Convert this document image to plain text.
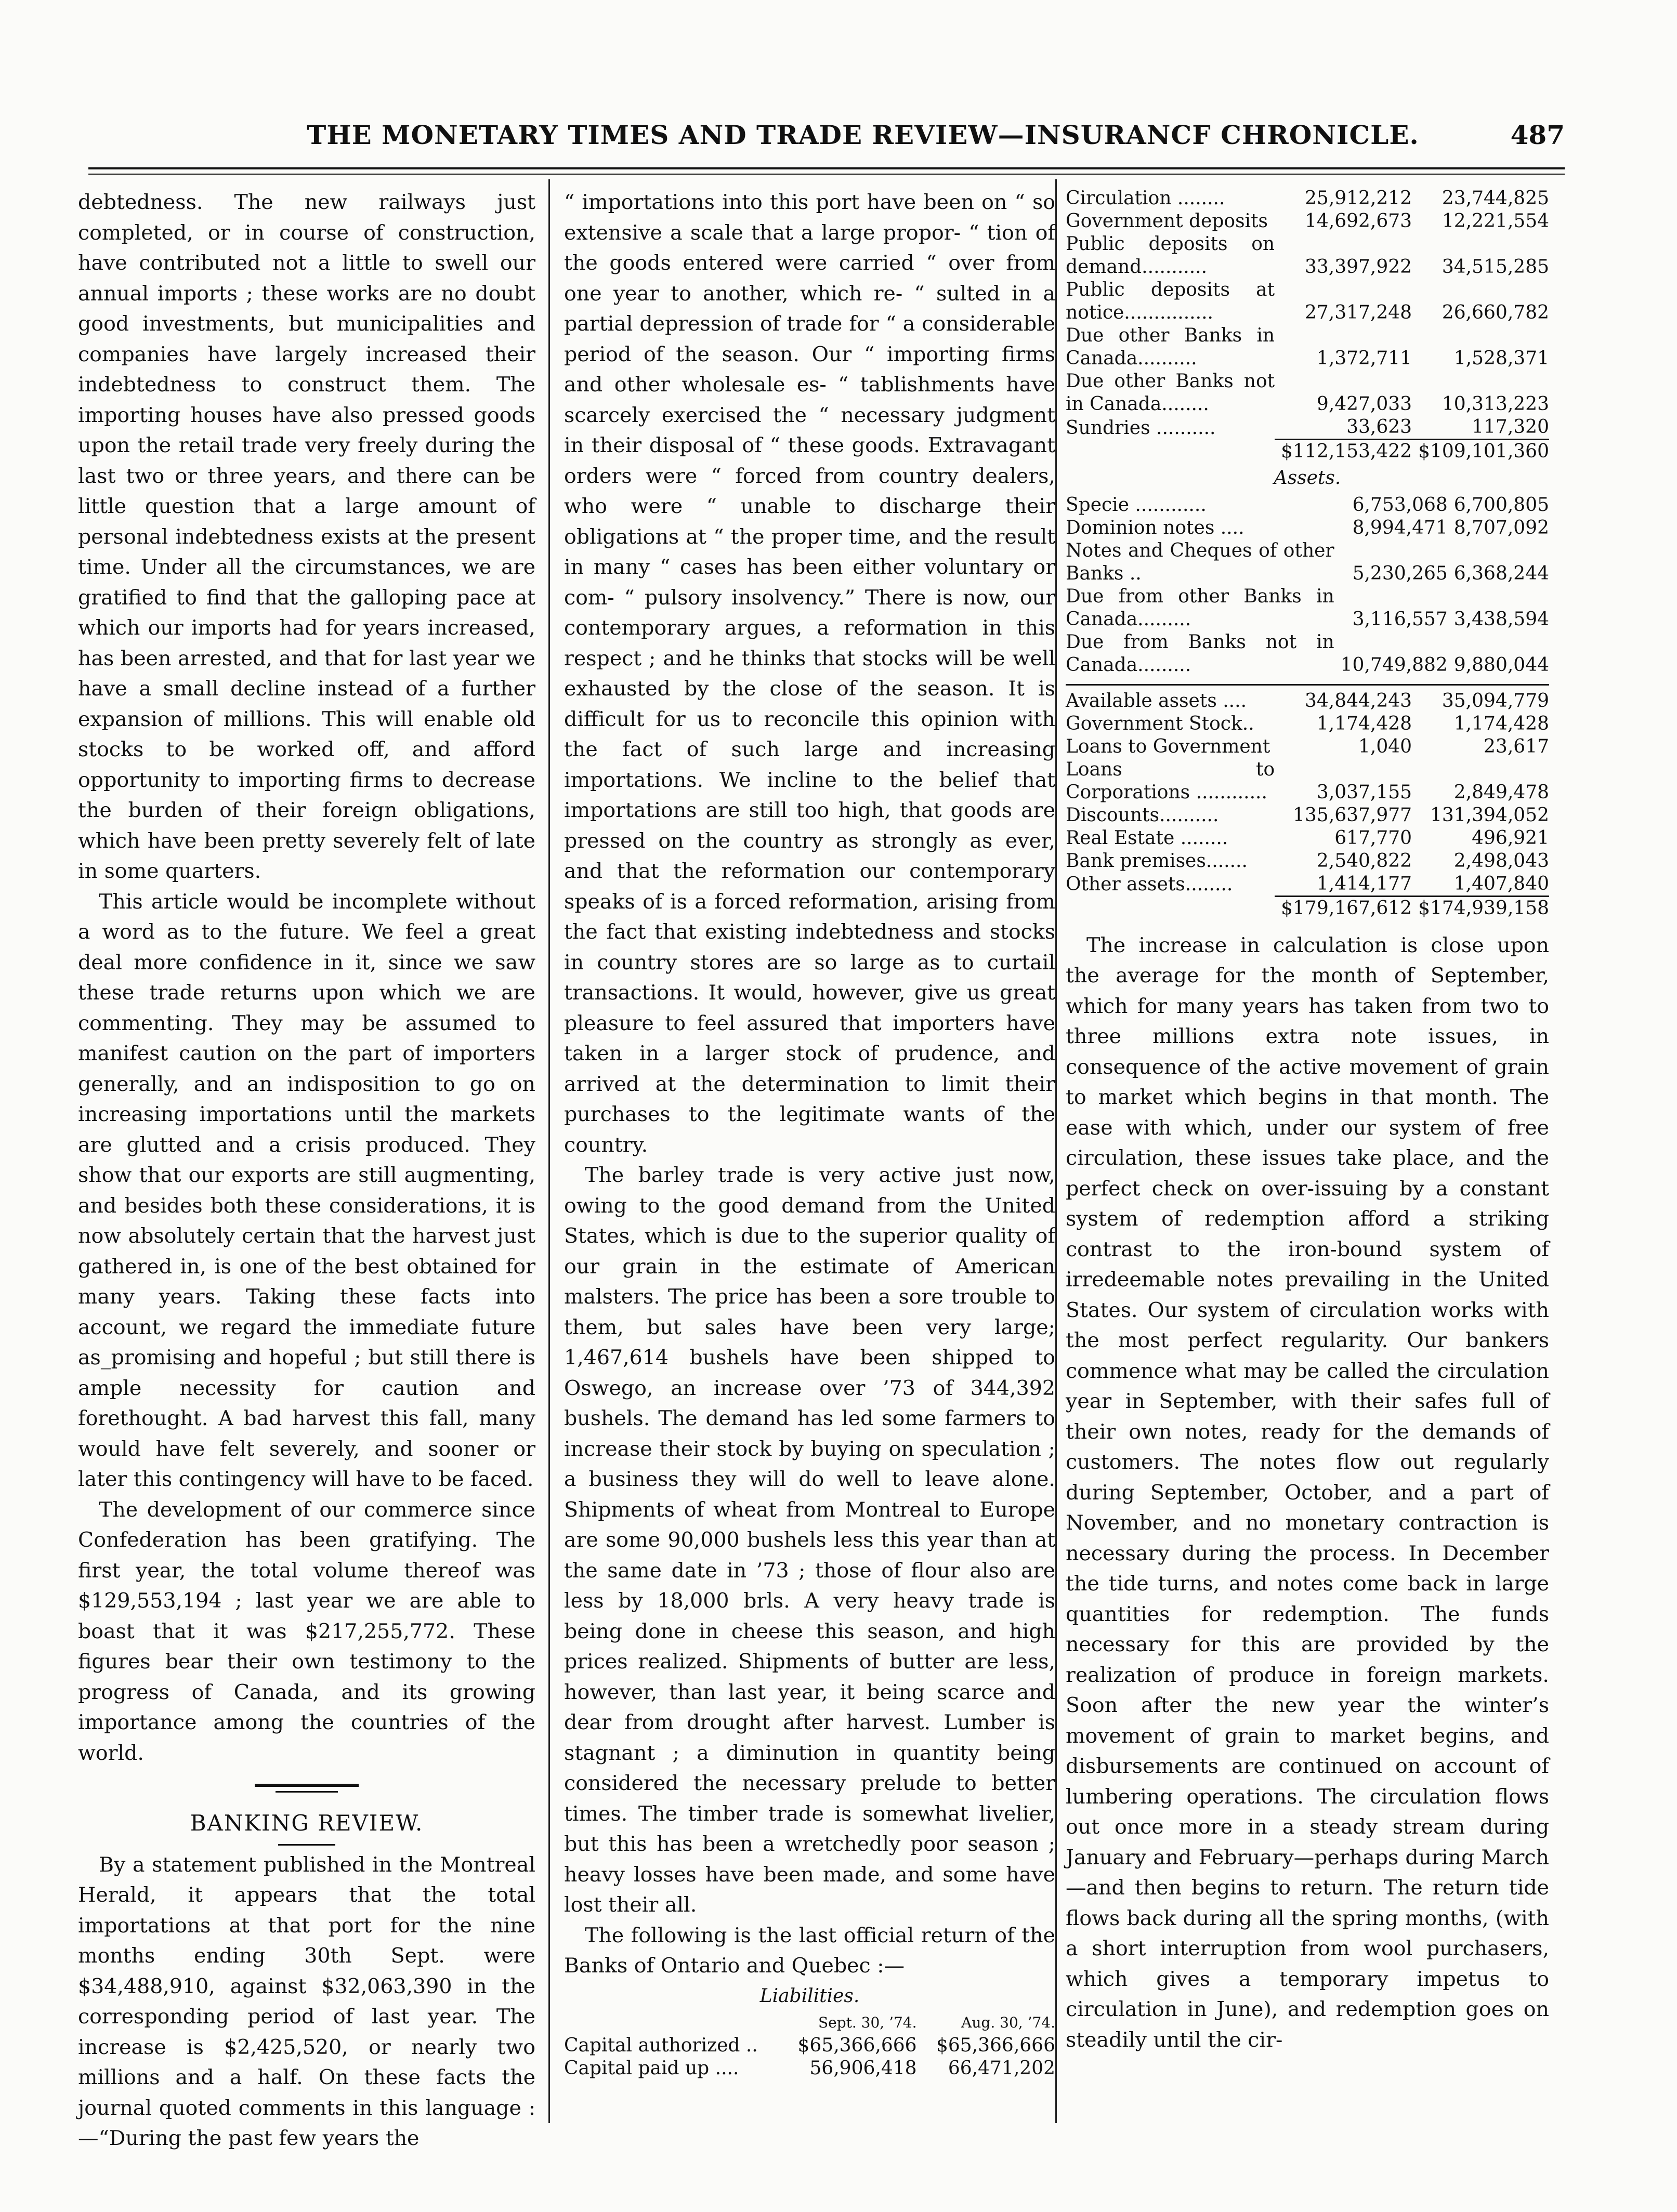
THE MONETARY TIMES AND TRADE REVIEW—INSURANCF CHRONICLE.	487

debtedness. The new railways just completed, or in course of construction, have contributed not a little to swell our annual imports ; these works are no doubt good investments, but municipalities and companies have largely increased their indebtedness to construct them. The importing houses have also pressed goods upon the retail trade very freely during the last two or three years, and there can be little question that a large amount of personal indebtedness exists at the present time. Under all the circumstances, we are gratified to find that the galloping pace at which our imports had for years increased, has been arrested, and that for last year we have a small decline instead of a further expansion of millions. This will enable old stocks to be worked off, and afford opportunity to importing firms to decrease the burden of their foreign obligations, which have been pretty severely felt of late in some quarters.

This article would be incomplete without a word as to the future. We feel a great deal more confidence in it, since we saw these trade returns upon which we are commenting. They may be assumed to manifest caution on the part of importers generally, and an indisposition to go on increasing importations until the markets are glutted and a crisis produced. They show that our exports are still augmenting, and besides both these considerations, it is now absolutely certain that the harvest just gathered in, is one of the best obtained for many years. Taking these facts into account, we regard the immediate future as_promising and hopeful ; but still there is ample necessity for caution and forethought. A bad harvest this fall, many would have felt severely, and sooner or later this contingency will have to be faced.

The development of our commerce since Confederation has been gratifying. The first year, the total volume thereof was $129,553,194 ; last year we are able to boast that it was $217,255,772. These figures bear their own testimony to the progress of Canada, and its growing importance among the countries of the world.

BANKING REVIEW.

By a statement published in the Montreal Herald, it appears that the total importations at that port for the nine months ending 30th Sept. were $34,488,910, against $32,063,390 in the corresponding period of last year. The increase is $2,425,520, or nearly two millions and a half. On these facts the journal quoted comments in this language :—“During the past few years the

“ importations into this port have been on “ so extensive a scale that a large propor- “ tion of the goods entered were carried “ over from one year to another, which re- “ sulted in a partial depression of trade for “ a considerable period of the season. Our “ importing firms and other wholesale es- “ tablishments have scarcely exercised the “ necessary judgment in their disposal of “ these goods. Extravagant orders were “ forced from country dealers, who were “ unable to discharge their obligations at “ the proper time, and the result in many “ cases has been either voluntary or com- “ pulsory insolvency.” There is now, our contemporary argues, a reformation in this respect ; and he thinks that stocks will be well exhausted by the close of the season. It is difficult for us to reconcile this opinion with the fact of such large and increasing importations. We incline to the belief that importations are still too high, that goods are pressed on the country as strongly as ever, and that the reformation our contemporary speaks of is a forced reformation, arising from the fact that existing indebtedness and stocks in country stores are so large as to curtail transactions. It would, however, give us great pleasure to feel assured that importers have taken in a larger stock of prudence, and arrived at the determination to limit their purchases to the legitimate wants of the country.

The barley trade is very active just now, owing to the good demand from the United States, which is due to the superior quality of our grain in the estimate of American malsters. The price has been a sore trouble to them, but sales have been very large; 1,467,614 bushels have been shipped to Oswego, an increase over ’73 of 344,392 bushels. The demand has led some farmers to increase their stock by buying on speculation ; a business they will do well to leave alone. Shipments of wheat from Montreal to Europe are some 90,000 bushels less this year than at the same date in ’73 ; those of flour also are less by 18,000 brls. A very heavy trade is being done in cheese this season, and high prices realized. Shipments of butter are less, however, than last year, it being scarce and dear from drought after harvest. Lumber is stagnant ; a diminution in quantity being considered the necessary prelude to better times. The timber trade is somewhat livelier, but this has been a wretchedly poor season ; heavy losses have been made, and some have lost their all.

The following is the last official return of the Banks of Ontario and Quebec :—

Liabilities.
	Sept. 30, ’74.	Aug. 30, ’74.
Capital authorized ..	$65,366,666	$65,366,666
Capital paid up ....	56,906,418	66,471,202
Circulation ........	25,912,212	23,744,825
Government deposits	14,692,673	12,221,554
Public deposits on demand...........	33,397,922	34,515,285
Public deposits at notice...............	27,317,248	26,660,782
Due other Banks in Canada..........	1,372,711	1,528,371
Due other Banks not in Canada........	9,427,033	10,313,223
Sundries ..........	33,623	117,320
	$112,153,422	$109,101,360
Assets.
Specie ............	6,753,068	6,700,805
Dominion notes ....	8,994,471	8,707,092
Notes and Cheques of other Banks ..	5,230,265	6,368,244
Due from other Banks in Canada.........	3,116,557	3,438,594
Due from Banks not in Canada.........	10,749,882	9,880,044
Available assets ....	34,844,243	35,094,779
Government Stock..	1,174,428	1,174,428
Loans to Government	1,040	23,617
Loans to Corporations ............	3,037,155	2,849,478
Discounts..........	135,637,977	131,394,052
Real Estate ........	617,770	496,921
Bank premises.......	2,540,822	2,498,043
Other assets........	1,414,177	1,407,840
	$179,167,612	$174,939,158

The increase in calculation is close upon the average for the month of September, which for many years has taken from two to three millions extra note issues, in consequence of the active movement of grain to market which begins in that month. The ease with which, under our system of free circulation, these issues take place, and the perfect check on over-issuing by a constant system of redemption afford a striking contrast to the iron-bound system of irredeemable notes prevailing in the United States. Our system of circulation works with the most perfect regularity. Our bankers commence what may be called the circulation year in September, with their safes full of their own notes, ready for the demands of customers. The notes flow out regularly during September, October, and a part of November, and no monetary contraction is necessary during the process. In December the tide turns, and notes come back in large quantities for redemption. The funds necessary for this are provided by the realization of produce in foreign markets. Soon after the new year the winter’s movement of grain to market begins, and disbursements are continued on account of lumbering operations. The circulation flows out once more in a steady stream during January and February—perhaps during March—and then begins to return. The return tide flows back during all the spring months, (with a short interruption from wool purchasers, which gives a temporary impetus to circulation in June), and redemption goes on steadily until the cir-
